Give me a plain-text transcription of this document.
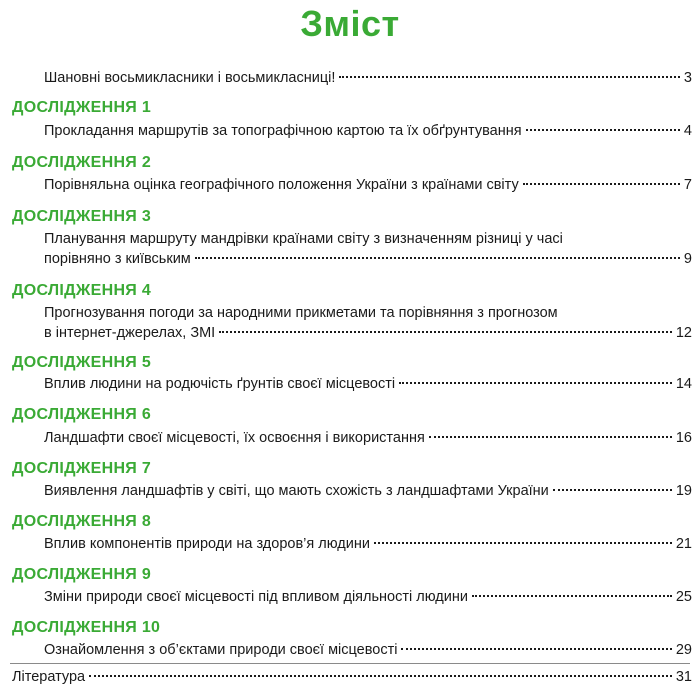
Зміст
Шановні восьмикласники і восьмикласниці!	3
ДОСЛІДЖЕННЯ 1
Прокладання маршрутів за топографічною картою та їх обґрунтування	4
ДОСЛІДЖЕННЯ 2
Порівняльна оцінка географічного положення України з країнами світу	7
ДОСЛІДЖЕННЯ 3
Планування маршруту мандрівки країнами світу з визначенням різниці у часі
порівняно з київським	9
ДОСЛІДЖЕННЯ 4
Прогнозування погоди за народними прикметами та порівняння з прогнозом
в інтернет-джерелах, ЗМІ	12
ДОСЛІДЖЕННЯ 5
Вплив людини на родючість ґрунтів своєї місцевості	14
ДОСЛІДЖЕННЯ 6
Ландшафти своєї місцевості, їх освоєння і використання	16
ДОСЛІДЖЕННЯ 7
Виявлення ландшафтів у світі, що мають схожість з ландшафтами України	19
ДОСЛІДЖЕННЯ 8
Вплив компонентів природи на здоров’я людини	21
ДОСЛІДЖЕННЯ 9
Зміни природи своєї місцевості під впливом діяльності людини	25
ДОСЛІДЖЕННЯ 10
Ознайомлення з об’єктами природи своєї місцевості	29
Література	31
